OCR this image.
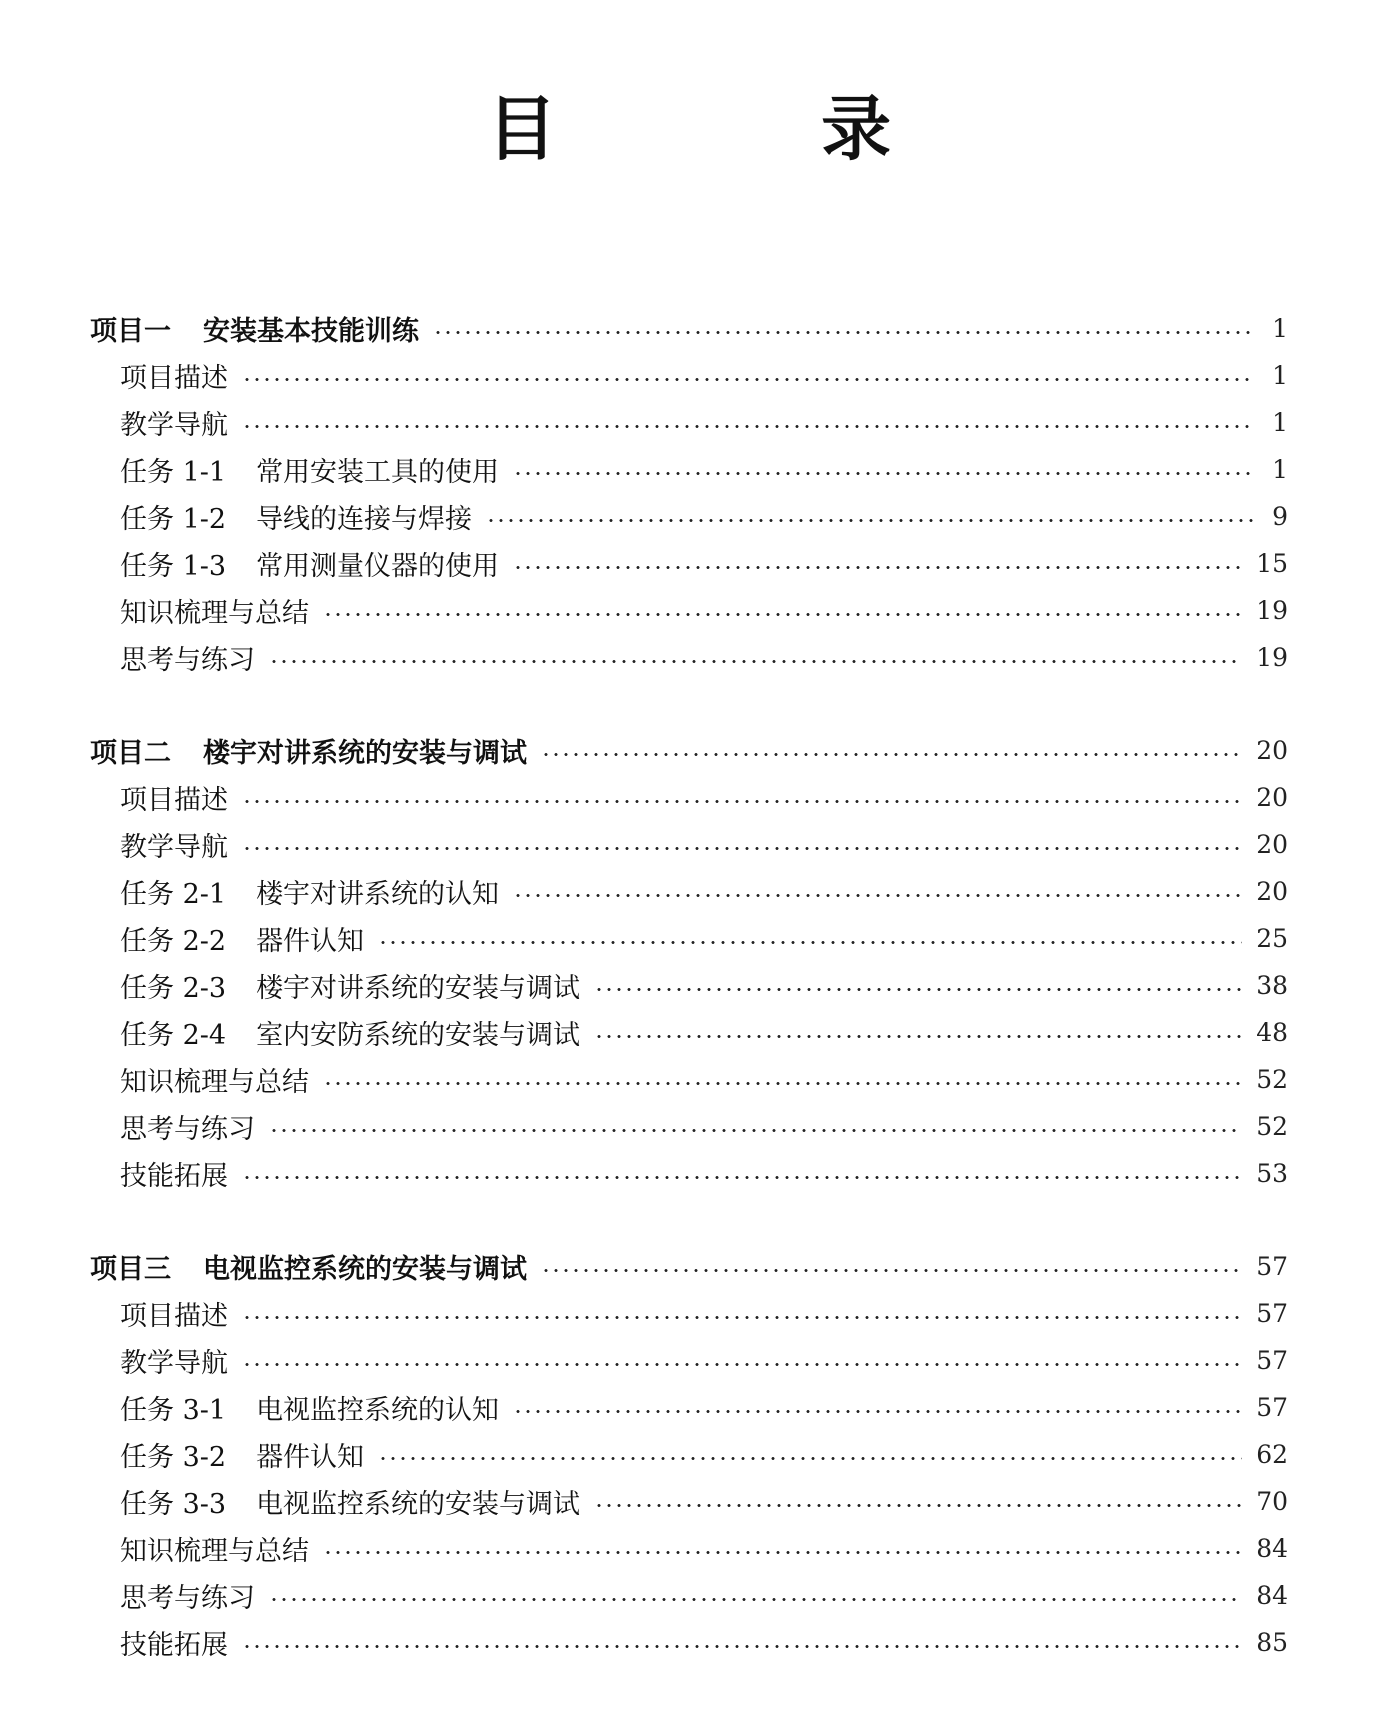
目 录
项目一 安装基本技能训练	1
项目描述	1
教学导航	1
任务 1-1 常用安装工具的使用	1
任务 1-2 导线的连接与焊接	9
任务 1-3 常用测量仪器的使用	15
知识梳理与总结	19
思考与练习	19
项目二 楼宇对讲系统的安装与调试	20
项目描述	20
教学导航	20
任务 2-1 楼宇对讲系统的认知	20
任务 2-2 器件认知	25
任务 2-3 楼宇对讲系统的安装与调试	38
任务 2-4 室内安防系统的安装与调试	48
知识梳理与总结	52
思考与练习	52
技能拓展	53
项目三 电视监控系统的安装与调试	57
项目描述	57
教学导航	57
任务 3-1 电视监控系统的认知	57
任务 3-2 器件认知	62
任务 3-3 电视监控系统的安装与调试	70
知识梳理与总结	84
思考与练习	84
技能拓展	85
